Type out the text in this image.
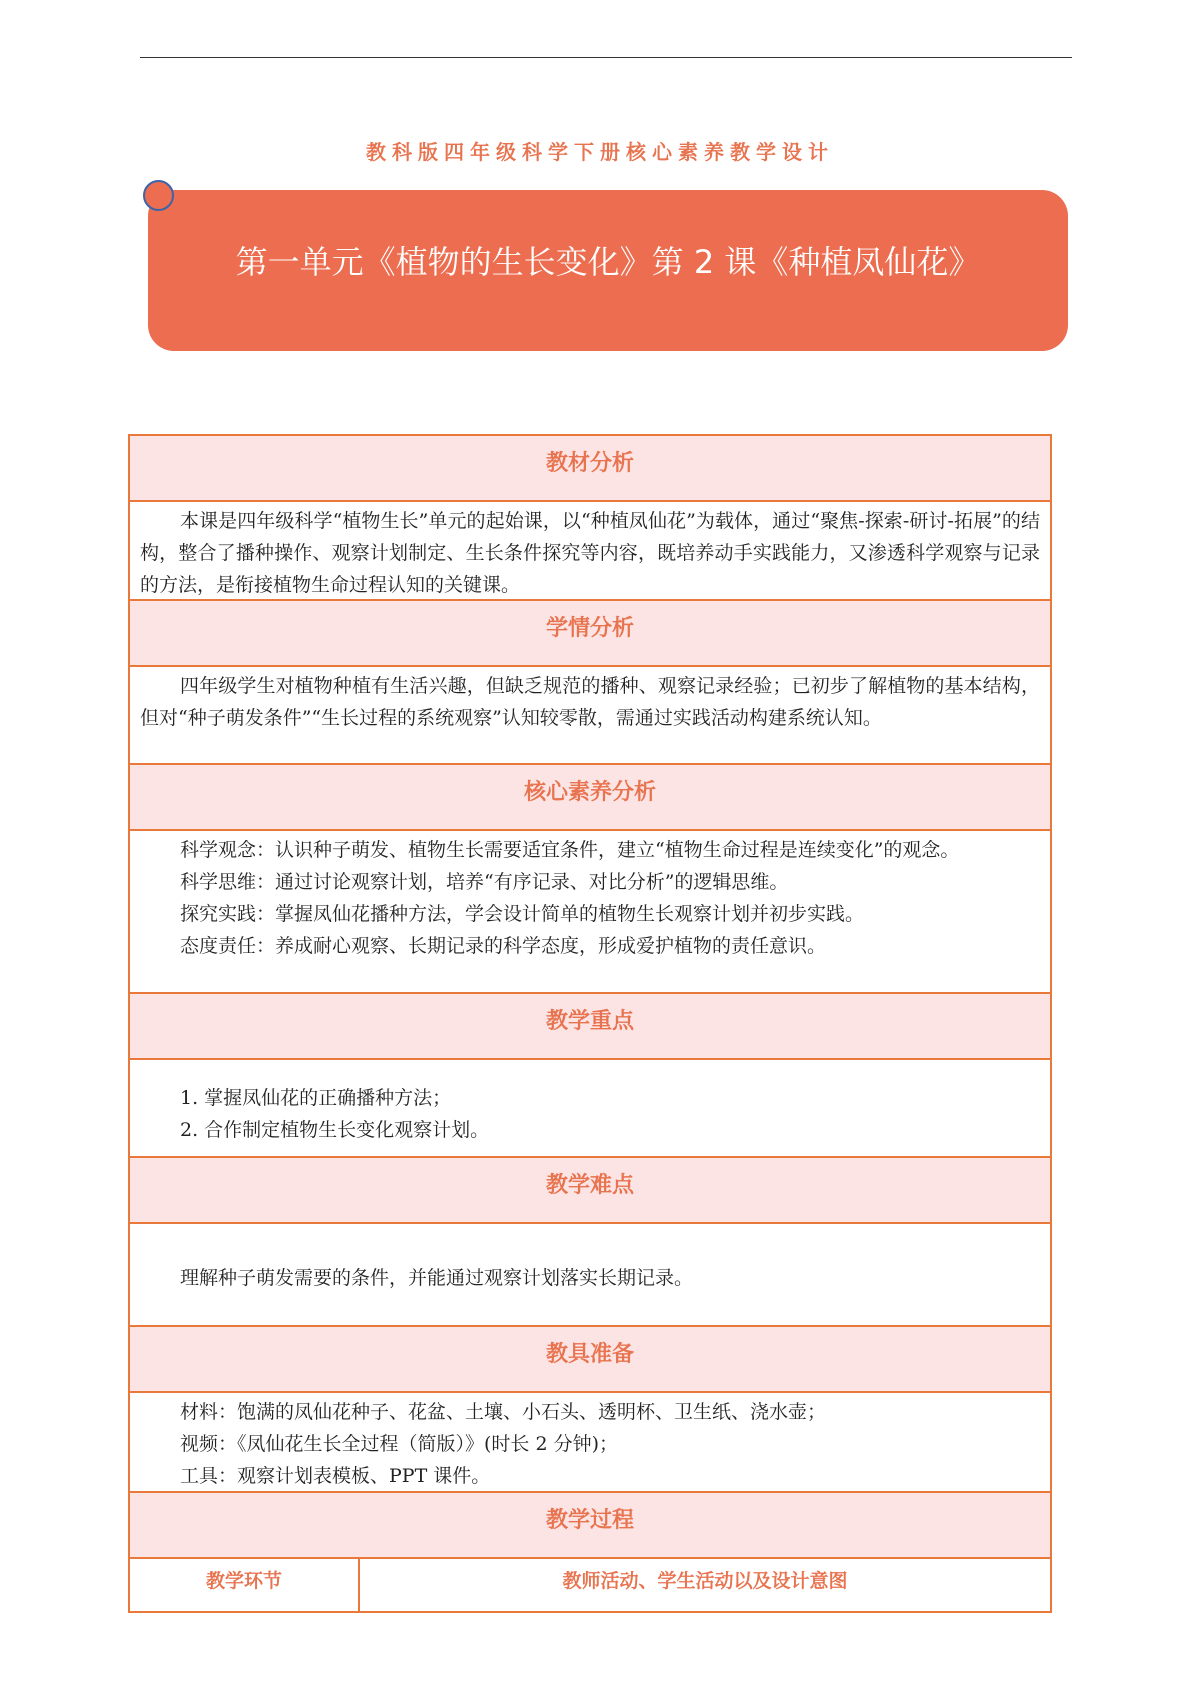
教科版四年级科学下册核心素养教学设计
第一单元《植物的生长变化》第 2 课《种植凤仙花》
教材分析

本课是四年级科学“植物生长”单元的起始课，以“种植凤仙花”为载体，通过“聚焦-探索-研讨-拓展”的结构，整合了播种操作、观察计划制定、生长条件探究等内容，既培养动手实践能力，又渗透科学观察与记录的方法，是衔接植物生命过程认知的关键课。

学情分析

四年级学生对植物种植有生活兴趣，但缺乏规范的播种、观察记录经验；已初步了解植物的基本结构，但对“种子萌发条件”“生长过程的系统观察”认知较零散，需通过实践活动构建系统认知。

核心素养分析

科学观念：认识种子萌发、植物生长需要适宜条件，建立“植物生命过程是连续变化”的观念。

科学思维：通过讨论观察计划，培养“有序记录、对比分析”的逻辑思维。

探究实践：掌握凤仙花播种方法，学会设计简单的植物生长观察计划并初步实践。

态度责任：养成耐心观察、长期记录的科学态度，形成爱护植物的责任意识。

教学重点

1. 掌握凤仙花的正确播种方法；

2. 合作制定植物生长变化观察计划。

教学难点

理解种子萌发需要的条件，并能通过观察计划落实长期记录。

教具准备

材料：饱满的凤仙花种子、花盆、土壤、小石头、透明杯、卫生纸、浇水壶；

视频：《凤仙花生长全过程（简版）》(时长 2 分钟)；

工具：观察计划表模板、PPT 课件。

教学过程
教学环节	教师活动、学生活动以及设计意图
